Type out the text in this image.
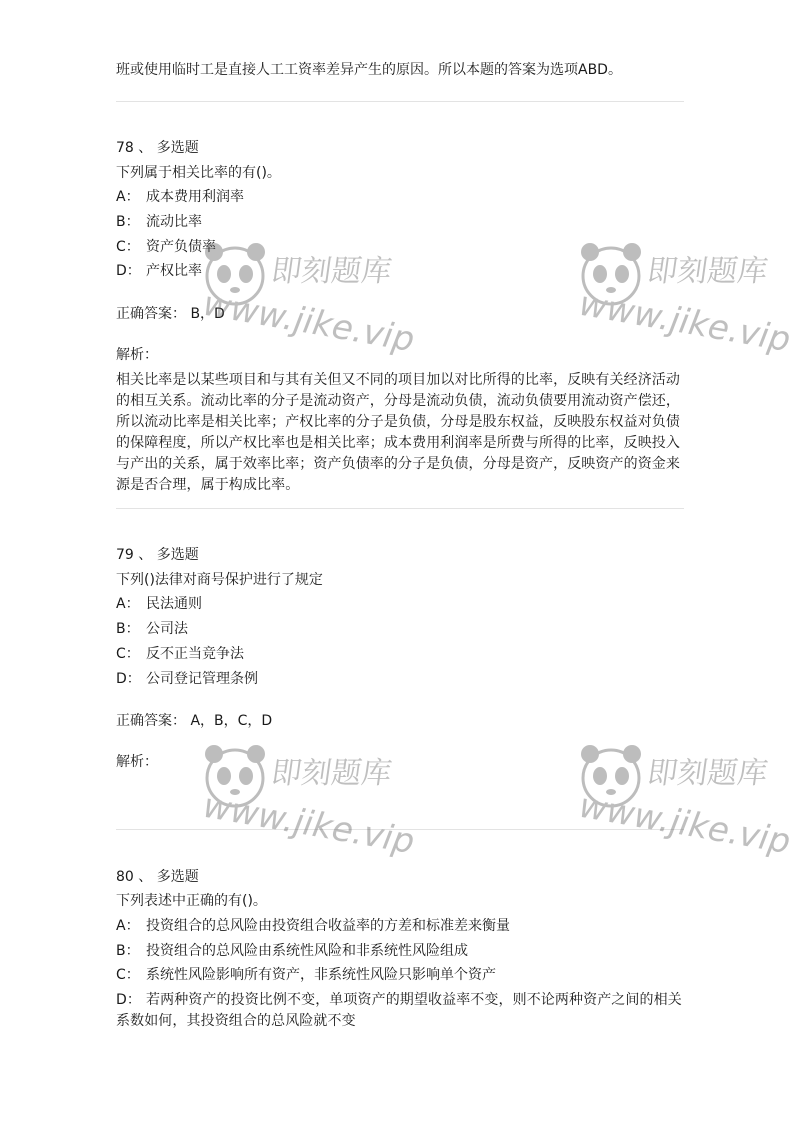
班或使用临时工是直接人工工资率差异产生的原因。所以本题的答案为选项ABD。
78 、 多选题
下列属于相关比率的有()。
A： 成本费用利润率
B： 流动比率
C： 资产负债率
D： 产权比率
正确答案： B，D
解析：
相关比率是以某些项目和与其有关但又不同的项目加以对比所得的比率，反映有关经济活动的相互关系。流动比率的分子是流动资产，分母是流动负债，流动负债要用流动资产偿还，所以流动比率是相关比率；产权比率的分子是负债，分母是股东权益，反映股东权益对负债的保障程度，所以产权比率也是相关比率；成本费用利润率是所费与所得的比率，反映投入与产出的关系，属于效率比率；资产负债率的分子是负债，分母是资产，反映资产的资金来源是否合理，属于构成比率。
79 、 多选题
下列()法律对商号保护进行了规定
A： 民法通则
B： 公司法
C： 反不正当竞争法
D： 公司登记管理条例
正确答案： A，B，C，D
解析：
80 、 多选题
下列表述中正确的有()。
A： 投资组合的总风险由投资组合收益率的方差和标准差来衡量
B： 投资组合的总风险由系统性风险和非系统性风险组成
C： 系统性风险影响所有资产，非系统性风险只影响单个资产
D： 若两种资产的投资比例不变，单项资产的期望收益率不变，则不论两种资产之间的相关系数如何，其投资组合的总风险就不变
即刻题库
www.jike.vip
即刻题库
www.jike.vip
即刻题库
www.jike.vip
即刻题库
www.jike.vip
